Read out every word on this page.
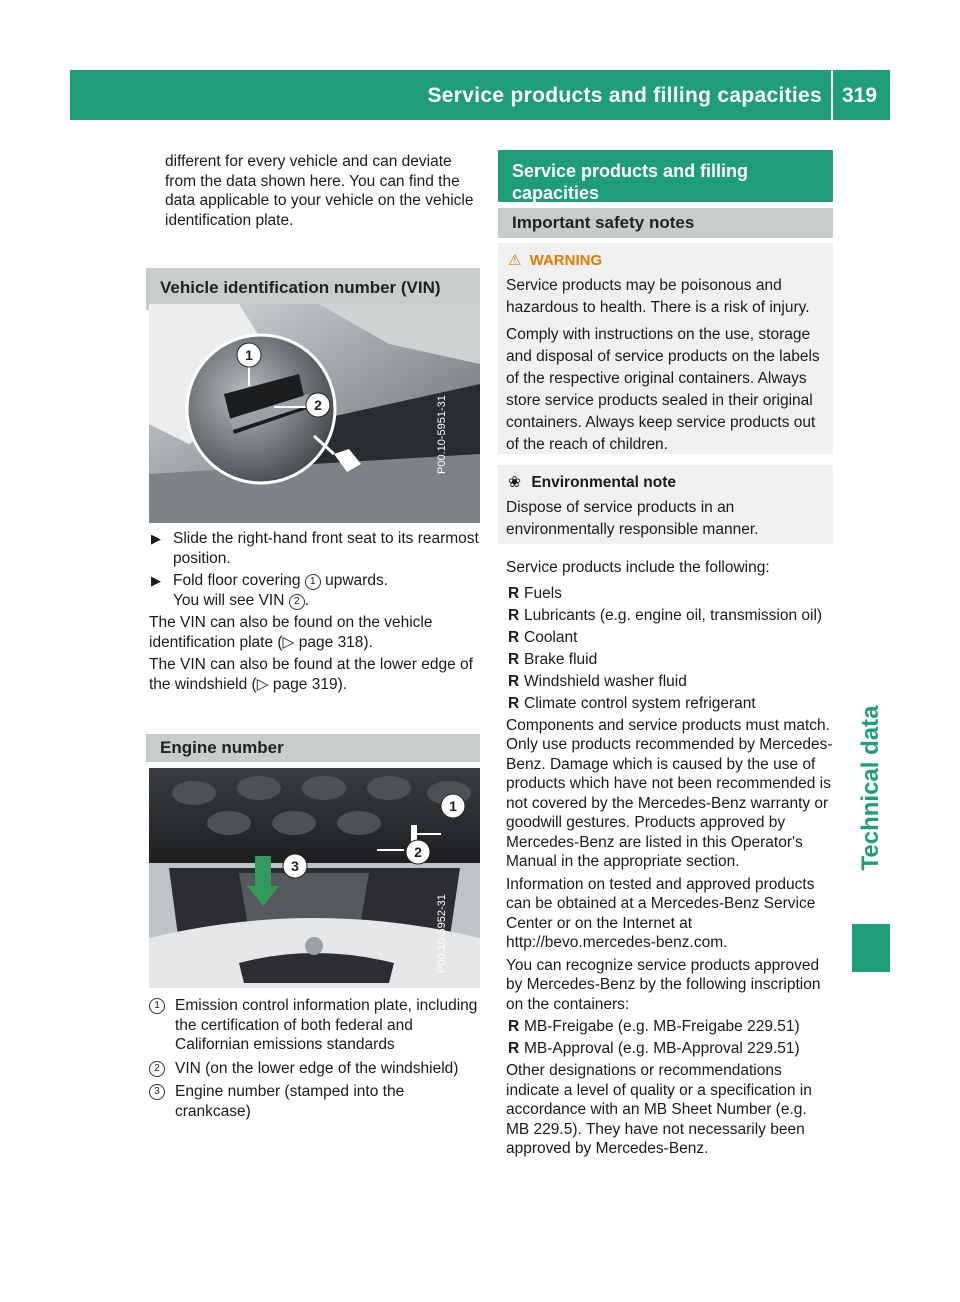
Service products and filling capacities 319
Technical data
different for every vehicle and can deviate from the data shown here. You can find the data applicable to your vehicle on the vehicle identification plate.
Vehicle identification number (VIN)
1
2	P00.10-5951-31
▶ Slide the right-hand front seat to its rearmost position.
▶ Fold floor covering 1 upwards.
You will see VIN 2 .

The VIN can also be found on the vehicle identification plate (▷ page 318).

The VIN can also be found at the lower edge of the windshield (▷ page 319).

Engine number
1
2
3
P00.10-5952-31
1 Emission control information plate, including the certification of both federal and Californian emissions standards
2 VIN (on the lower edge of the windshield)
3 Engine number (stamped into the crankcase)
Service products and filling capacities
Important safety notes
⚠ WARNING

Service products may be poisonous and hazardous to health. There is a risk of injury.

Comply with instructions on the use, storage and disposal of service products on the labels of the respective original containers. Always store service products sealed in their original containers. Always keep service products out of the reach of children.

❀ Environmental note

Dispose of service products in an environmentally responsible manner.

Service products include the following:

R Fuels
R Lubricants (e.g. engine oil, transmission oil)
R Coolant
R Brake fluid
R Windshield washer fluid
R Climate control system refrigerant

Components and service products must match. Only use products recommended by Mercedes-Benz. Damage which is caused by the use of products which have not been recommended is not covered by the Mercedes-Benz warranty or goodwill gestures. Products approved by Mercedes-Benz are listed in this Operator's Manual in the appropriate section.

Information on tested and approved products can be obtained at a Mercedes-Benz Service Center or on the Internet at http://bevo.mercedes-benz.com.

You can recognize service products approved by Mercedes-Benz by the following inscription on the containers:

R MB-Freigabe (e.g. MB-Freigabe 229.51)
R MB-Approval (e.g. MB-Approval 229.51)

Other designations or recommendations indicate a level of quality or a specification in accordance with an MB Sheet Number (e.g. MB 229.5). They have not necessarily been approved by Mercedes-Benz.
